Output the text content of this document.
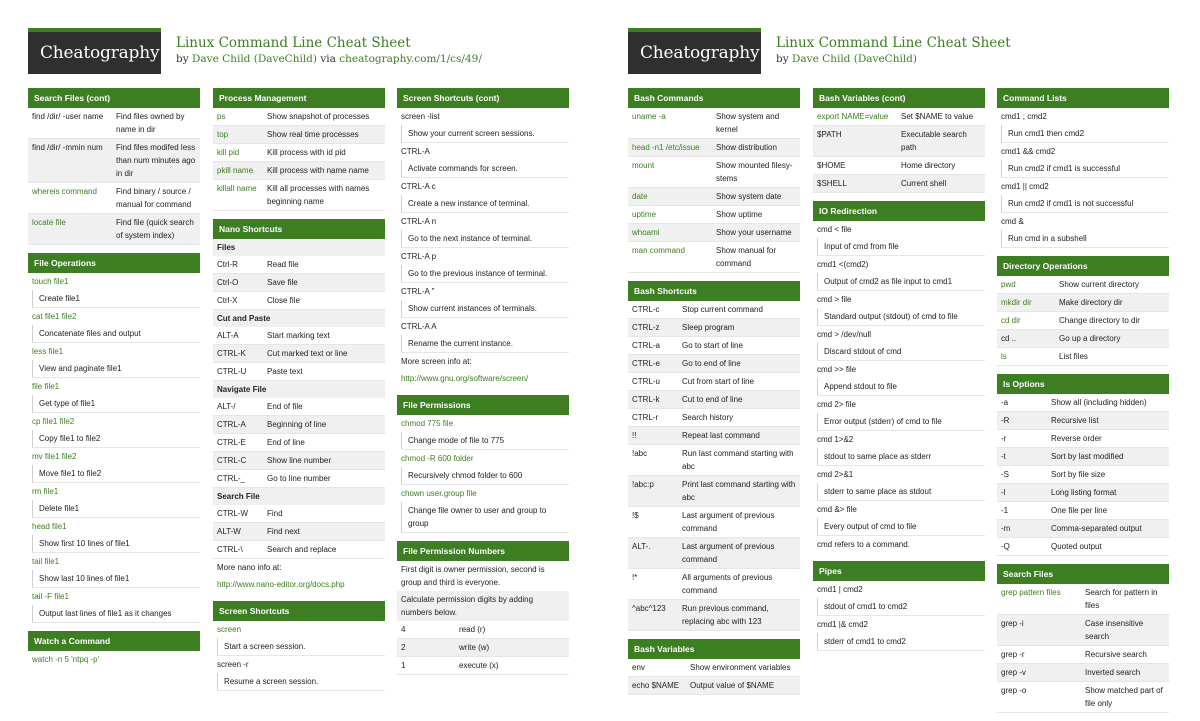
Cheatography Linux Command Line Cheat Sheet
by Dave Child (DaveChild) via cheatography.com/1/cs/49/
Search Files (cont)
find /dir/ -user name	Find files owned by name in dir
find /dir/ -mmin num	Find files modifed less than num minutes ago in dir
whereis command	Find binary / source / manual for command
locate file	Find file (quick search of system index)
File Operations
touch file1
Create file1
cat file1 file2
Concatenate files and output
less file1
View and paginate file1
file file1
Get type of file1
cp file1 file2
Copy file1 to file2
mv file1 file2
Move file1 to file2
rm file1
Delete file1
head file1
Show first 10 lines of file1
tail file1
Show last 10 lines of file1
tail -F file1
Output last lines of file1 as it changes
Watch a Command
watch -n 5 'ntpq -p'
Process Management
ps	Show snapshot of processes
top	Show real time processes
kill pid	Kill process with id pid
pkill name	Kill process with name name
killall name	Kill all processes with names beginning name
Nano Shortcuts
Files
Ctrl-R	Read file
Ctrl-O	Save file
Ctrl-X	Close file
Cut and Paste
ALT-A	Start marking text
CTRL-K	Cut marked text or line
CTRL-U	Paste text
Navigate File
ALT-/	End of file
CTRL-A	Beginning of line
CTRL-E	End of line
CTRL-C	Show line number
CTRL-_	Go to line number
Search File
CTRL-W	Find
ALT-W	Find next
CTRL-\	Search and replace
More nano info at:
http://www.nano-editor.org/docs.php
Screen Shortcuts
screen
Start a screen session.
screen -r
Resume a screen session.
Screen Shortcuts (cont)
screen -list
Show your current screen sessions.
CTRL-A
Activate commands for screen.
CTRL-A c
Create a new instance of terminal.
CTRL-A n
Go to the next instance of terminal.
CTRL-A p
Go to the previous instance of terminal.
CTRL-A "
Show current instances of terminals.
CTRL-A A
Rename the current instance.
More screen info at:
http://www.gnu.org/software/screen/
File Permissions
chmod 775 file
Change mode of file to 775
chmod -R 600 folder
Recursively chmod folder to 600
chown user.group file
Change file owner to user and group to group
File Permission Numbers
First digit is owner permission, second is group and third is everyone.
Calculate permission digits by adding numbers below.
4	read (r)
2	write (w)
1	execute (x)
Cheatography Linux Command Line Cheat Sheet
by Dave Child (DaveChild)
Bash Commands
uname -a	Show system and kernel
head -n1 /etc/issue	Show distribution
mount	Show mounted filesy- stems
date	Show system date
uptime	Show uptime
whoami	Show your username
man command	Show manual for command
Bash Shortcuts
CTRL-c	Stop current command
CTRL-z	Sleep program
CTRL-a	Go to start of line
CTRL-e	Go to end of line
CTRL-u	Cut from start of line
CTRL-k	Cut to end of line
CTRL-r	Search history
!!	Repeat last command
!abc	Run last command starting with abc
!abc:p	Print last command starting with abc
!$	Last argument of previous command
ALT-.	Last argument of previous command
!*	All arguments of previous command
^abc^123	Run previous command, replacing abc with 123
Bash Variables
env	Show environment variables
echo $NAME	Output value of $NAME
Bash Variables (cont)
export NAME=value	Set $NAME to value
$PATH	Executable search path
$HOME	Home directory
$SHELL	Current shell
IO Redirection
cmd < file
Input of cmd from file
cmd1 <(cmd2)
Output of cmd2 as file input to cmd1
cmd > file
Standard output (stdout) of cmd to file
cmd > /dev/null
Discard stdout of cmd
cmd >> file
Append stdout to file
cmd 2> file
Error output (stderr) of cmd to file
cmd 1>&2
stdout to same place as stderr
cmd 2>&1
stderr to same place as stdout
cmd &> file
Every output of cmd to file
cmd refers to a command.
Pipes
cmd1 | cmd2
stdout of cmd1 to cmd2
cmd1 |& cmd2
stderr of cmd1 to cmd2
Command Lists
cmd1 ; cmd2
Run cmd1 then cmd2
cmd1 && cmd2
Run cmd2 if cmd1 is successful
cmd1 || cmd2
Run cmd2 if cmd1 is not successful
cmd &
Run cmd in a subshell
Directory Operations
pwd	Show current directory
mkdir dir	Make directory dir
cd dir	Change directory to dir
cd ..	Go up a directory
ls	List files
ls Options
-a	Show all (including hidden)
-R	Recursive list
-r	Reverse order
-t	Sort by last modified
-S	Sort by file size
-l	Long listing format
-1	One file per line
-m	Comma-separated output
-Q	Quoted output
Search Files
grep pattern files	Search for pattern in files
grep -i	Case insensitive search
grep -r	Recursive search
grep -v	Inverted search
grep -o	Show matched part of file only
